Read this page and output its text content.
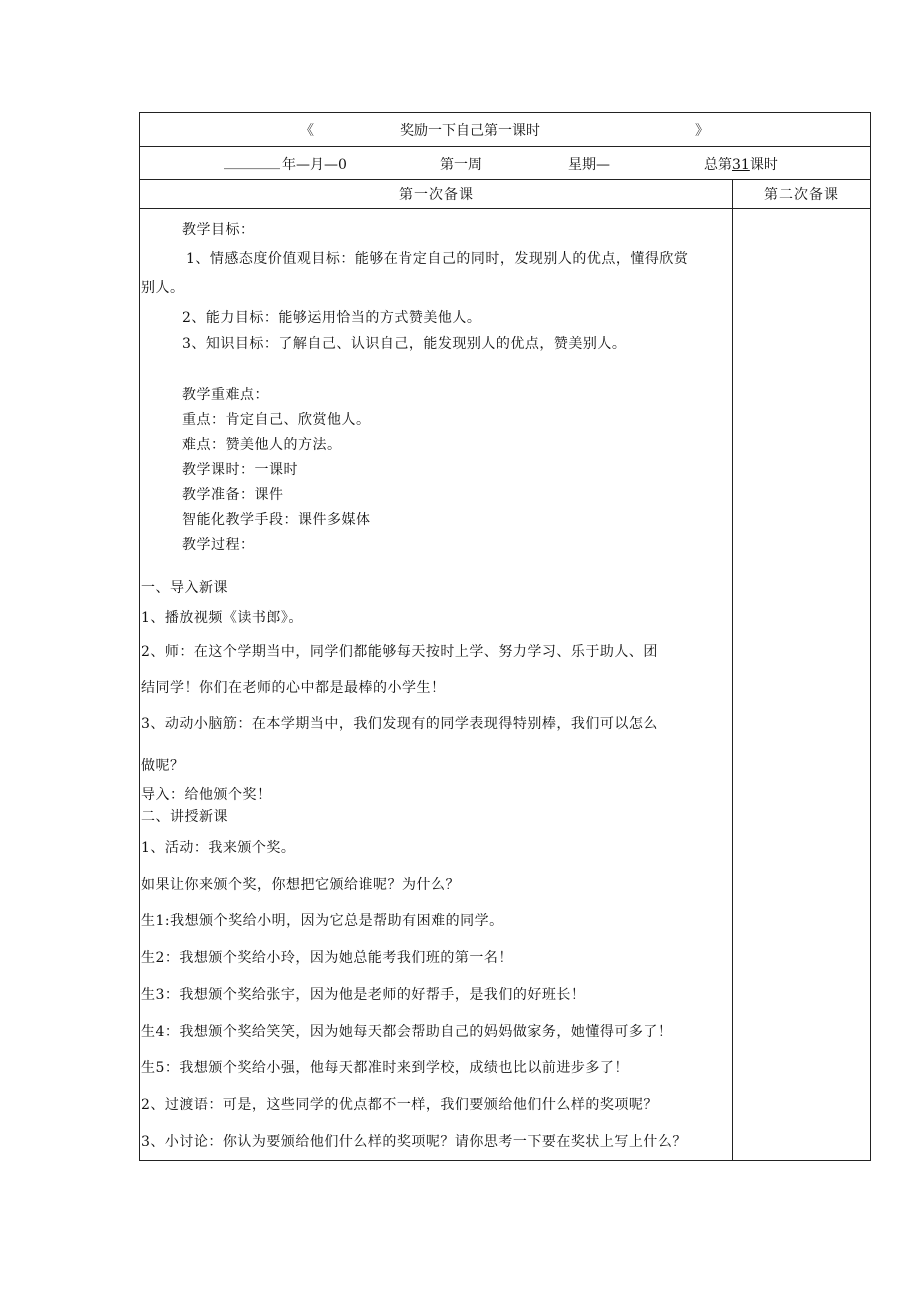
《	奖励一下自己第一课时	》
________ 年—月—0	第一周	星期—	总第31课时
第一次备课	第二次备课
教学目标：
1、情感态度价值观目标：能够在肯定自己的同时，发现别人的优点，懂得欣赏
别人。
2、能力目标：能够运用恰当的方式赞美他人。
3、知识目标：了解自己、认识自己，能发现别人的优点，赞美别人。
教学重难点：
重点：肯定自己、欣赏他人。
难点：赞美他人的方法。
教学课时：一课时
教学准备：课件
智能化教学手段：课件多媒体
教学过程：
一、导入新课
1、播放视频《读书郎》。
2、师：在这个学期当中，同学们都能够每天按时上学、努力学习、乐于助人、团
结同学！你们在老师的心中都是最棒的小学生！
3、动动小脑筋：在本学期当中，我们发现有的同学表现得特别棒，我们可以怎么
做呢？
导入：给他颁个奖！
二、讲授新课
1、活动：我来颁个奖。
如果让你来颁个奖，你想把它颁给谁呢？为什么？
生1:我想颁个奖给小明，因为它总是帮助有困难的同学。
生2：我想颁个奖给小玲，因为她总能考我们班的第一名！
生3：我想颁个奖给张宇，因为他是老师的好帮手，是我们的好班长！
生4：我想颁个奖给笑笑，因为她每天都会帮助自己的妈妈做家务，她懂得可多了！
生5：我想颁个奖给小强，他每天都准时来到学校，成绩也比以前进步多了！
2、过渡语：可是，这些同学的优点都不一样，我们要颁给他们什么样的奖项呢？
3、小讨论：你认为要颁给他们什么样的奖项呢？请你思考一下要在奖状上写上什么？
